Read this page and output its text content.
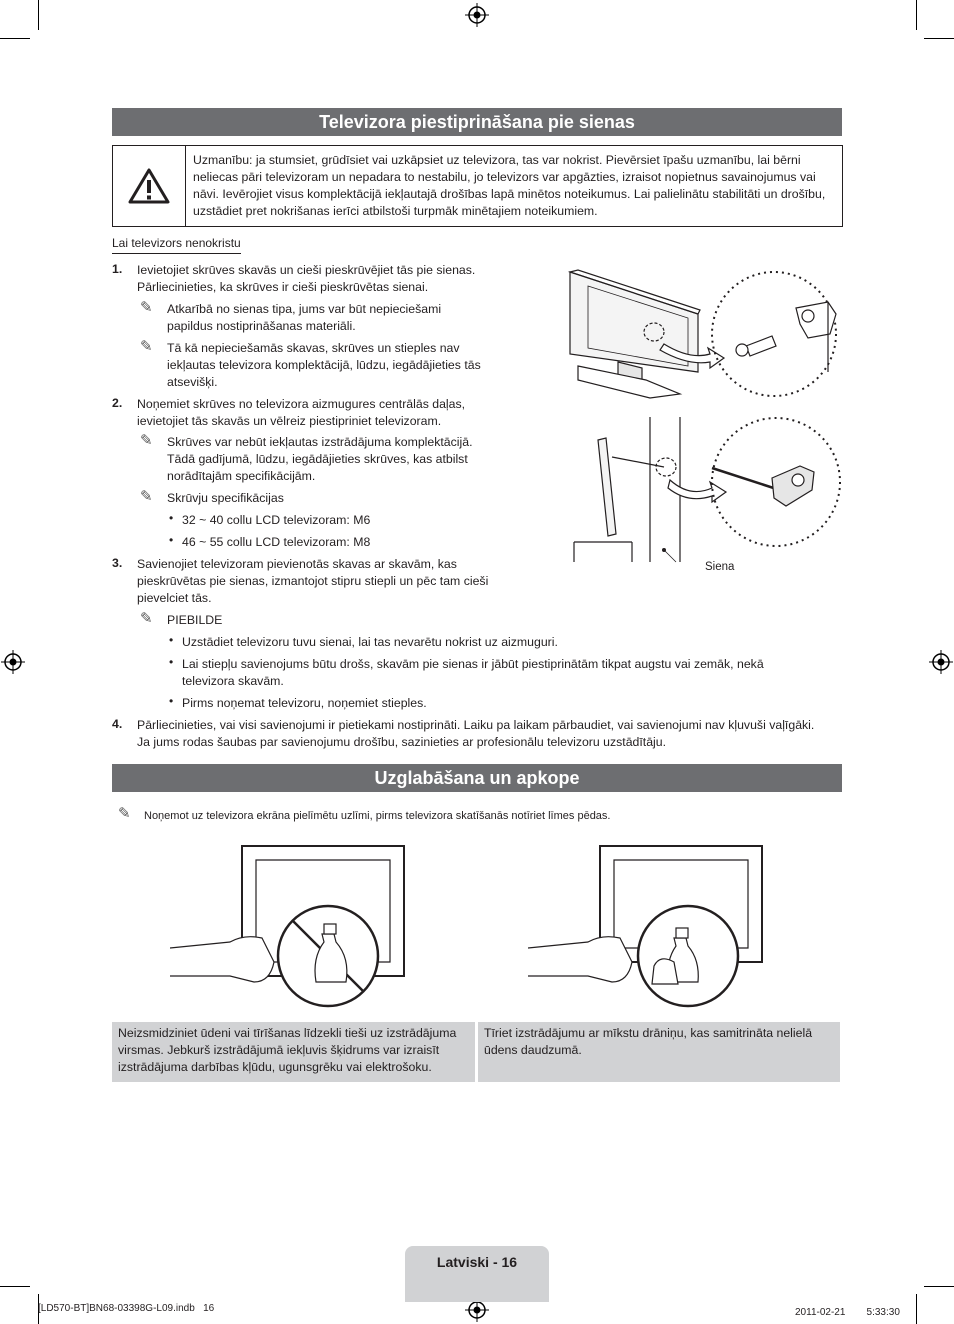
Televizora piestiprināšana pie sienas
Uzmanību: ja stumsiet, grūdīsiet vai uzkāpsiet uz televizora, tas var nokrist. Pievērsiet īpašu uzmanību, lai bērni neliecas pāri televizoram un nepadara to nestabilu, jo televizors var apgāzties, izraisot nopietnus savainojumus vai nāvi. Ievērojiet visus komplektācijā iekļautajā drošības lapā minētos noteikumus. Lai palielinātu stabilitāti un drošību, uzstādiet pret nokrišanas ierīci atbilstoši turpmāk minētajiem noteikumiem.
Lai televizors nenokristu
1. Ievietojiet skrūves skavās un cieši pieskrūvējiet tās pie sienas.
Pārliecinieties, ka skrūves ir cieši pieskrūvētas sienai.
✎ Atkarībā no sienas tipa, jums var būt nepieciešami
papildus nostiprināšanas materiāli.
✎ Tā kā nepieciešamās skavas, skrūves un stieples nav
iekļautas televizora komplektācijā, lūdzu, iegādājieties tās
atsevišķi.
2. Noņemiet skrūves no televizora aizmugures centrālās daļas,
ievietojiet tās skavās un vēlreiz piestipriniet televizoram.
✎ Skrūves var nebūt iekļautas izstrādājuma komplektācijā.
Tādā gadījumā, lūdzu, iegādājieties skrūves, kas atbilst
norādītajām specifikācijām.
✎ Skrūvju specifikācijas
• 32 ~ 40 collu LCD televizoram: M6
• 46 ~ 55 collu LCD televizoram: M8
3. Savienojiet televizoram pievienotās skavas ar skavām, kas
pieskrūvētas pie sienas, izmantojot stipru stiepli un pēc tam cieši
pievelciet tās.
✎ PIEBILDE
• Uzstādiet televizoru tuvu sienai, lai tas nevarētu nokrist uz aizmuguri.
• Lai stiepļu savienojums būtu drošs, skavām pie sienas ir jābūt piestiprinātām tikpat augstu vai zemāk, nekā
televizora skavām.
• Pirms noņemat televizoru, noņemiet stieples.
4. Pārliecinieties, vai visi savienojumi ir pietiekami nostiprināti. Laiku pa laikam pārbaudiet, vai savienojumi nav kļuvuši vaļīgāki.
Ja jums rodas šaubas par savienojumu drošību, sazinieties ar profesionālu televizoru uzstādītāju.
Siena
Uzglabāšana un apkope
✎ Noņemot uz televizora ekrāna pielīmētu uzlīmi, pirms televizora skatīšanās notīriet līmes pēdas.
Neizsmidziniet ūdeni vai tīrīšanas līdzekli tieši uz izstrādājuma virsmas. Jebkurš izstrādājumā iekļuvis šķidrums var izraisīt izstrādājuma darbības kļūdu, ugunsgrēku vai elektrošoku.
Tīriet izstrādājumu ar mīkstu drāniņu, kas samitrināta nelielā ūdens daudzumā.
Latviski - 16
[LD570-BT]BN68-03398G-L09.indb   16	2011-02-21   　 5:33:30
